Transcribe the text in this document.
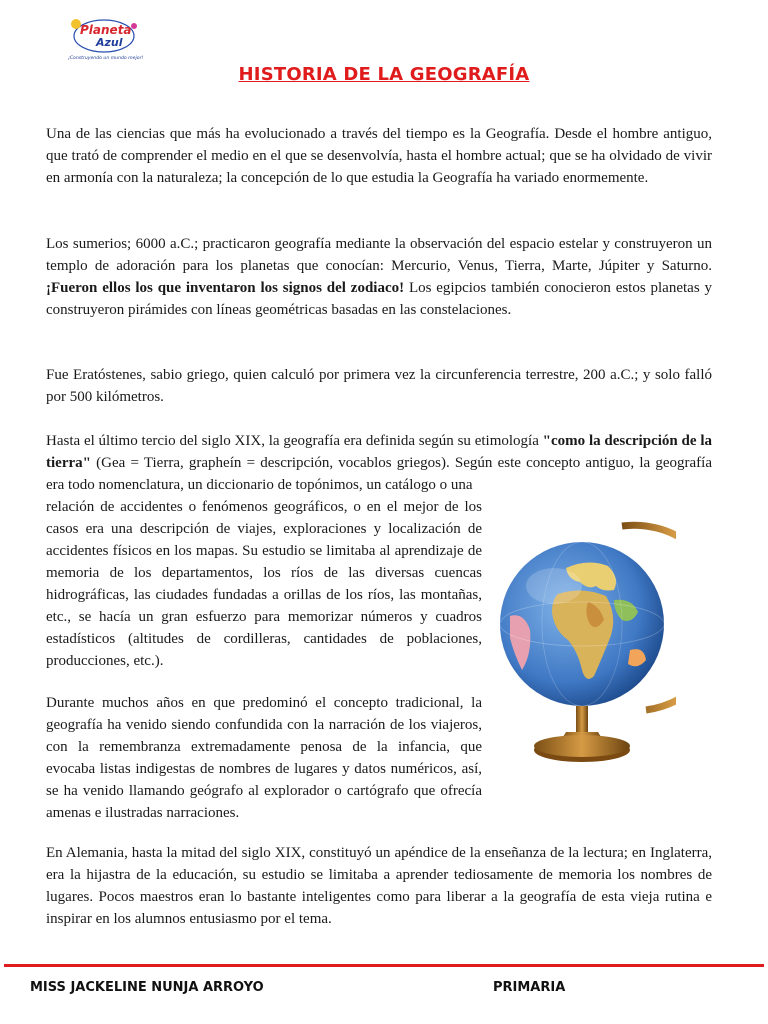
Planeta
Azul
¡Construyendo un mundo mejor!
HISTORIA DE LA GEOGRAFÍA

Una de las ciencias que más ha evolucionado a través del tiempo es la Geografía. Desde el hombre antiguo, que trató de comprender el medio en el que se desenvolvía, hasta el hombre actual; que se ha olvidado de vivir en armonía con la naturaleza; la concepción de lo que estudia la Geografía ha variado enormemente.

Los sumerios; 6000 a.C.; practicaron geografía mediante la observación del espacio estelar y construyeron un templo de adoración para los planetas que conocían: Mercurio, Venus, Tierra, Marte, Júpiter y Saturno. ¡Fueron ellos los que inventaron los signos del zodiaco! Los egipcios también conocieron estos planetas y construyeron pirámides con líneas geométricas basadas en las constelaciones.

Fue Eratóstenes, sabio griego, quien calculó por primera vez la circunferencia terrestre, 200 a.C.; y solo falló por 500 kilómetros.

Hasta el último tercio del siglo XIX, la geografía era definida según su etimología "como la descripción de la tierra" (Gea = Tierra, grapheín = descripción, vocablos griegos). Según este concepto antiguo, la geografía era todo nomenclatura, un diccionario de topónimos, un catálogo o una

relación de accidentes o fenómenos geográficos, o en el mejor de los casos era una descripción de viajes, exploraciones y localización de accidentes físicos en los mapas. Su estudio se limitaba al aprendizaje de memoria de los departamentos, los ríos de las diversas cuencas hidrográficas, las ciudades fundadas a orillas de los ríos, las montañas, etc., se hacía un gran esfuerzo para memorizar números y cuadros estadísticos (altitudes de cordilleras, cantidades de poblaciones, producciones, etc.).

Durante muchos años en que predominó el concepto tradicional, la geografía ha venido siendo confundida con la narración de los viajeros, con la remembranza extremadamente penosa de la infancia, que evocaba listas indigestas de nombres de lugares y datos numéricos, así, se ha venido llamando geógrafo al explorador o cartógrafo que ofrecía amenas e ilustradas narraciones.

En Alemania, hasta la mitad del siglo XIX, constituyó un apéndice de la enseñanza de la lectura; en Inglaterra, era la hijastra de la educación, su estudio se limitaba a aprender tediosamente de memoria los nombres de lugares. Pocos maestros eran lo bastante inteligentes como para liberar a la geografía de esta vieja rutina e inspirar en los alumnos entusiasmo por el tema.

MISS JACKELINE NUNJA ARROYO	PRIMARIA
